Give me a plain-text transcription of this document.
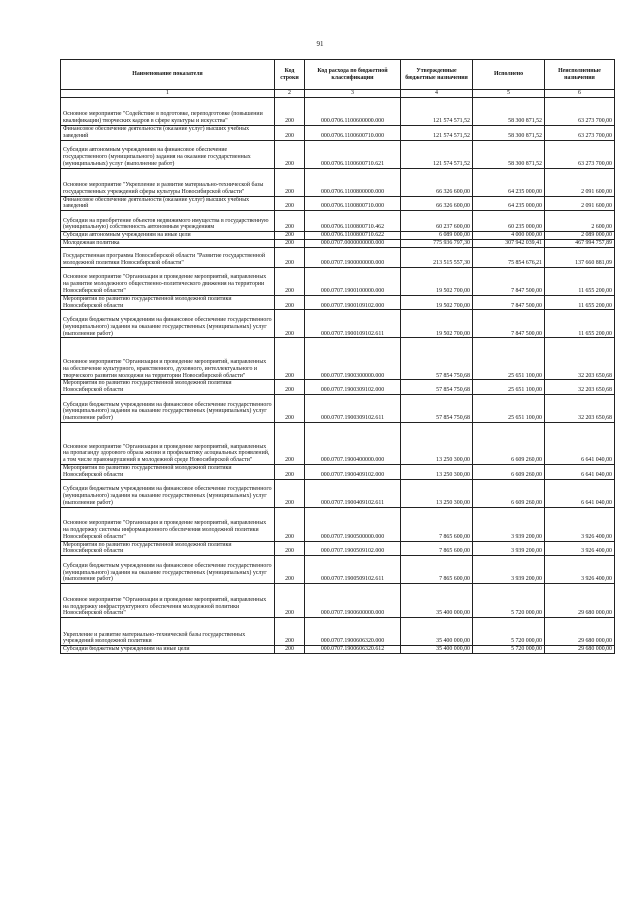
91
Наименование показателя	Код строки	Код расхода по бюджетной классификации	Утвержденные бюджетные назначения	Исполнено	Неисполненные назначения
1	2	3	4	5	6
Основное мероприятие "Содействие в подготовке, переподготовке (повышении квалификации) творческих кадров в сфере культуры и искусства"	200	000.0706.1100600000.000	121 574 571,52	58 300 871,52	63 273 700,00
Финансовое обеспечение деятельности (оказание услуг) высших учебных заведений	200	000.0706.1100600710.000	121 574 571,52	58 300 871,52	63 273 700,00
Субсидии автономным учреждениям на финансовое обеспечение государственного (муниципального) задания на оказание государственных (муниципальных) услуг (выполнение работ)	200	000.0706.1100600710.621	121 574 571,52	58 300 871,52	63 273 700,00
Основное мероприятие "Укрепление и развитие материально-технической базы государственных учреждений сферы культуры Новосибирской области"	200	000.0706.1100800000.000	66 326 600,00	64 235 000,00	2 091 600,00
Финансовое обеспечение деятельности (оказание услуг) высших учебных заведений	200	000.0706.1100800710.000	66 326 600,00	64 235 000,00	2 091 600,00
Субсидии на приобретение объектов недвижимого имущества в государственную (муниципальную) собственность автономным учреждениям	200	000.0706.1100800710.462	60 237 600,00	60 235 000,00	2 600,00
Субсидии автономным учреждениям на иные цели	200	000.0706.1100800710.622	6 089 000,00	4 000 000,00	2 089 000,00
Молодежная политика	200	000.0707.0000000000.000	775 936 797,30	307 942 039,41	467 994 757,89
Государственная программа Новосибирской области "Развитие государственной молодежной политики Новосибирской области"	200	000.0707.1900000000.000	213 515 557,30	75 854 676,21	137 660 881,09
Основное мероприятие "Организация и проведение мероприятий, направленных на развитие молодежного общественно-политического движения на территории Новосибирской области"	200	000.0707.1900100000.000	19 502 700,00	7 847 500,00	11 655 200,00
Мероприятия по развитию государственной молодежной политики Новосибирской области	200	000.0707.1900109102.000	19 502 700,00	7 847 500,00	11 655 200,00
Субсидии бюджетным учреждениям на финансовое обеспечение государственного (муниципального) задания на оказание государственных (муниципальных) услуг (выполнение работ)	200	000.0707.1900109102.611	19 502 700,00	7 847 500,00	11 655 200,00
Основное мероприятие "Организация и проведение мероприятий, направленных на обеспечение культурного, нравственного, духовного, интеллектуального и творческого развития молодежи на территории Новосибирской области"	200	000.0707.1900300000.000	57 854 750,68	25 651 100,00	32 203 650,68
Мероприятия по развитию государственной молодежной политики Новосибирской области	200	000.0707.1900309102.000	57 854 750,68	25 651 100,00	32 203 650,68
Субсидии бюджетным учреждениям на финансовое обеспечение государственного (муниципального) задания на оказание государственных (муниципальных) услуг (выполнение работ)	200	000.0707.1900309102.611	57 854 750,68	25 651 100,00	32 203 650,68
Основное мероприятие "Организация и проведение мероприятий, направленных на пропаганду здорового образа жизни и профилактику асоциальных проявлений, а том числе правонарушений в молодежной среде Новосибирской области"	200	000.0707.1900400000.000	13 250 300,00	6 609 260,00	6 641 040,00
Мероприятия по развитию государственной молодежной политики Новосибирской области	200	000.0707.1900409102.000	13 250 300,00	6 609 260,00	6 641 040,00
Субсидии бюджетным учреждениям на финансовое обеспечение государственного (муниципального) задания на оказание государственных (муниципальных) услуг (выполнение работ)	200	000.0707.1900409102.611	13 250 300,00	6 609 260,00	6 641 040,00
Основное мероприятие "Организация и проведение мероприятий, направленных на поддержку системы информационного обеспечения молодежной политики Новосибирской области"	200	000.0707.1900500000.000	7 865 600,00	3 939 200,00	3 926 400,00
Мероприятия по развитию государственной молодежной политики Новосибирской области	200	000.0707.1900509102.000	7 865 600,00	3 939 200,00	3 926 400,00
Субсидии бюджетным учреждениям на финансовое обеспечение государственного (муниципального) задания на оказание государственных (муниципальных) услуг (выполнение работ)	200	000.0707.1900509102.611	7 865 600,00	3 939 200,00	3 926 400,00
Основное мероприятие "Организация и проведение мероприятий, направленных на поддержку инфраструктурного обеспечения молодежной политики Новосибирской области"	200	000.0707.1900600000.000	35 400 000,00	5 720 000,00	29 680 000,00
Укрепление и развитие материально-технической базы государственных учреждений молодежной политики	200	000.0707.1900606320.000	35 400 000,00	5 720 000,00	29 680 000,00
Субсидии бюджетным учреждениям на иные цели	200	000.0707.1900606320.612	35 400 000,00	5 720 000,00	29 680 000,00
